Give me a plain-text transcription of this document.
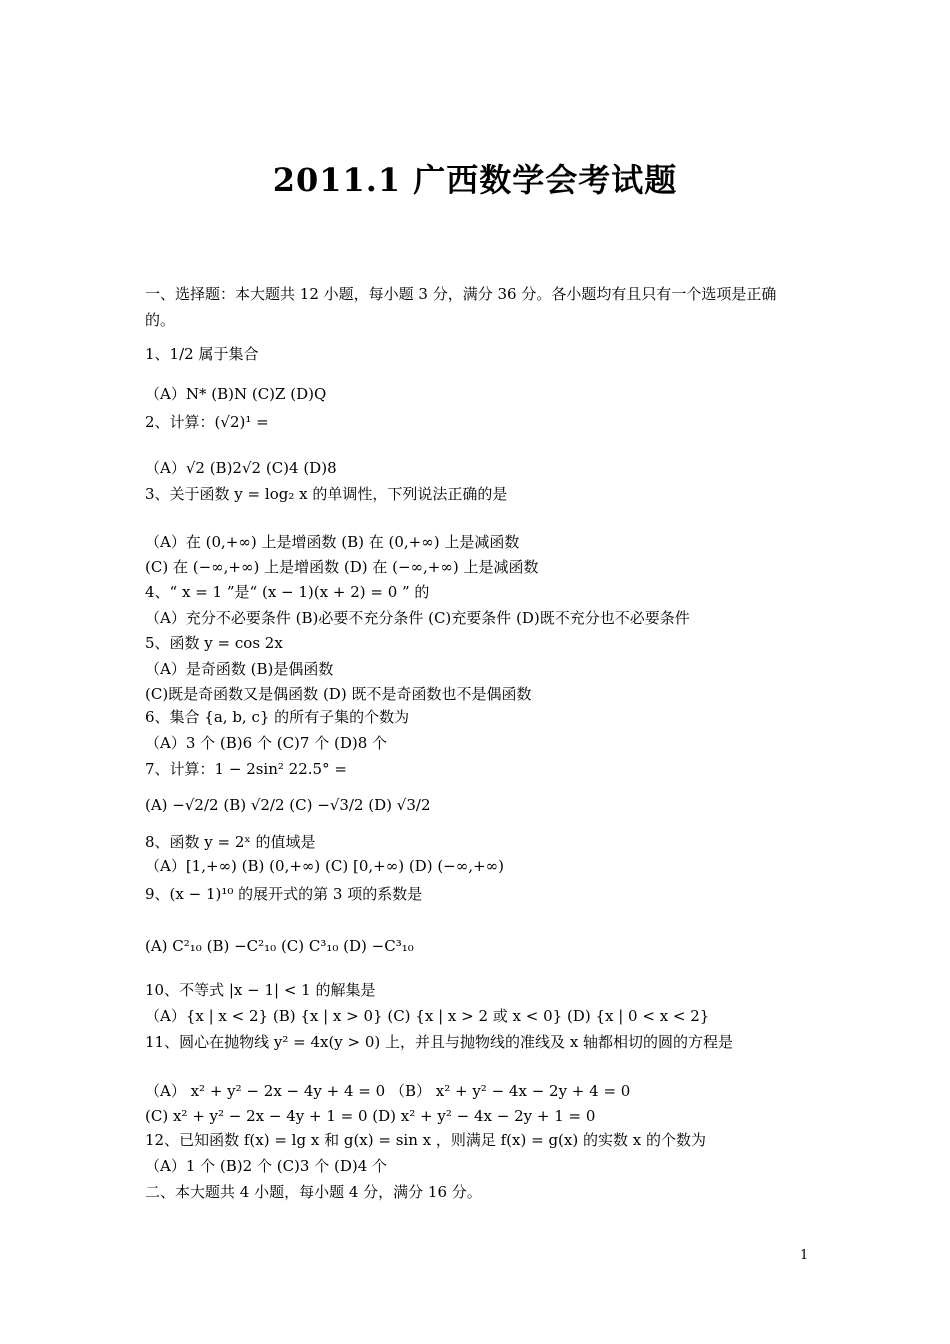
2011.1 广西数学会考试题
一、选择题：本大题共 12 小题，每小题 3 分，满分 36 分。各小题均有且只有一个选项是正确
的。
1、1/2 属于集合
（A）N* (B)N (C)Z (D)Q
2、计算：(√2)¹ =
（A）√2 (B)2√2 (C)4 (D)8
3、关于函数 y = log₂ x 的单调性，下列说法正确的是
（A）在 (0,+∞) 上是增函数 (B) 在 (0,+∞) 上是减函数
(C) 在 (−∞,+∞) 上是增函数 (D) 在 (−∞,+∞) 上是减函数
4、“ x = 1 ”是“ (x − 1)(x + 2) = 0 ” 的
（A）充分不必要条件 (B)必要不充分条件 (C)充要条件 (D)既不充分也不必要条件
5、函数 y = cos 2x
（A）是奇函数 (B)是偶函数
(C)既是奇函数又是偶函数 (D) 既不是奇函数也不是偶函数
6、集合 {a, b, c} 的所有子集的个数为
（A）3 个 (B)6 个 (C)7 个 (D)8 个
7、计算：1 − 2sin² 22.5° =
(A) −√2/2 (B) √2/2 (C) −√3/2 (D) √3/2
8、函数 y = 2ˣ 的值域是
（A）[1,+∞) (B) (0,+∞) (C) [0,+∞) (D) (−∞,+∞)
9、(x − 1)¹⁰ 的展开式的第 3 项的系数是
(A) C²₁₀ (B) −C²₁₀ (C) C³₁₀ (D) −C³₁₀
10、不等式 |x − 1| < 1 的解集是
（A）{x | x < 2} (B) {x | x > 0} (C) {x | x > 2 或 x < 0} (D) {x | 0 < x < 2}
11、圆心在抛物线 y² = 4x(y > 0) 上，并且与抛物线的准线及 x 轴都相切的圆的方程是
（A） x² + y² − 2x − 4y + 4 = 0 （B） x² + y² − 4x − 2y + 4 = 0
(C) x² + y² − 2x − 4y + 1 = 0 (D) x² + y² − 4x − 2y + 1 = 0
12、已知函数 f(x) = lg x 和 g(x) = sin x ，则满足 f(x) = g(x) 的实数 x 的个数为
（A）1 个 (B)2 个 (C)3 个 (D)4 个
二、本大题共 4 小题，每小题 4 分，满分 16 分。
1
